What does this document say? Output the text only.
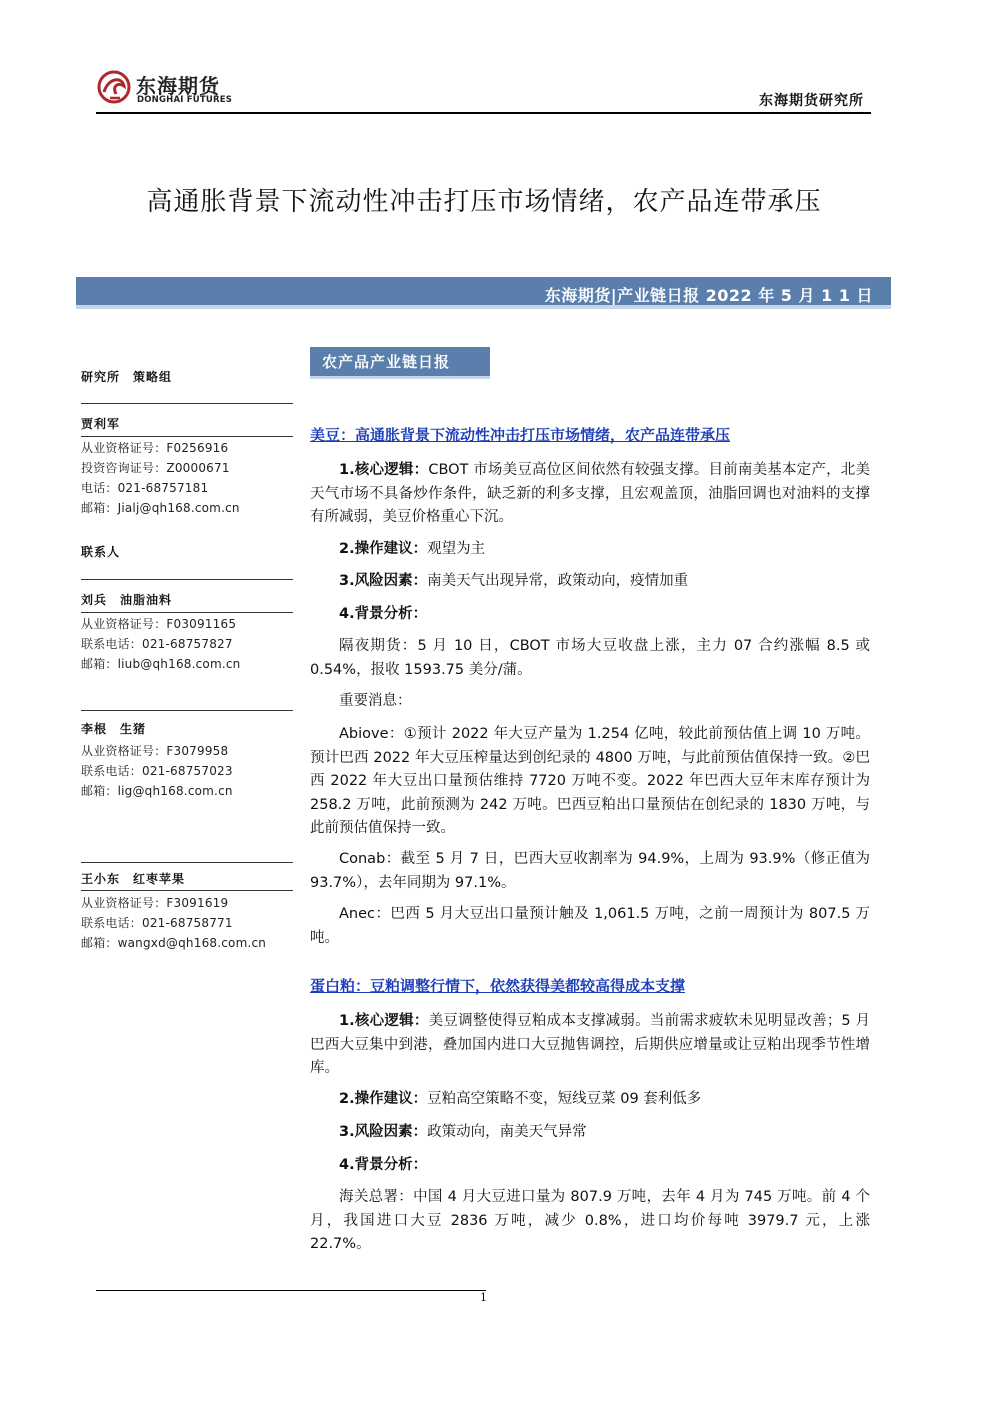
东海期货
DONGHAI FUTURES	东海期货研究所
高通胀背景下流动性冲击打压市场情绪，农产品连带承压
东海期货|产业链日报 2022 年 5 月 1 1 日
研究所　策略组
贾利军
从业资格证号：F0256916
投资咨询证号：Z0000671
电话：021-68757181
邮箱：Jialj@qh168.com.cn
联系人
刘兵　油脂油料
从业资格证号：F03091165
联系电话：021-68757827
邮箱：liub@qh168.com.cn
李根　生猪
从业资格证号：F3079958
联系电话：021-68757023
邮箱：lig@qh168.com.cn
王小东　红枣苹果
从业资格证号：F3091619
联系电话：021-68758771
邮箱：wangxd@qh168.com.cn
农产品产业链日报
美豆：高通胀背景下流动性冲击打压市场情绪，农产品连带承压
1.核心逻辑：CBOT 市场美豆高位区间依然有较强支撑。目前南美基本定产，北美天气市场不具备炒作条件，缺乏新的利多支撑，且宏观盖顶，油脂回调也对油料的支撑有所减弱，美豆价格重心下沉。
2.操作建议：观望为主
3.风险因素：南美天气出现异常，政策动向，疫情加重
4.背景分析：
隔夜期货：5 月 10 日，CBOT 市场大豆收盘上涨，主力 07 合约涨幅 8.5 或 0.54%，报收 1593.75 美分/蒲。
重要消息：
Abiove：①预计 2022 年大豆产量为 1.254 亿吨，较此前预估值上调 10 万吨。预计巴西 2022 年大豆压榨量达到创纪录的 4800 万吨，与此前预估值保持一致。②巴西 2022 年大豆出口量预估维持 7720 万吨不变。2022 年巴西大豆年末库存预计为 258.2 万吨，此前预测为 242 万吨。巴西豆粕出口量预估在创纪录的 1830 万吨，与此前预估值保持一致。
Conab：截至 5 月 7 日，巴西大豆收割率为 94.9%，上周为 93.9%（修正值为 93.7%），去年同期为 97.1%。
Anec：巴西 5 月大豆出口量预计触及 1,061.5 万吨，之前一周预计为 807.5 万吨。
蛋白粕：豆粕调整行情下，依然获得美都较高得成本支撑
1.核心逻辑：美豆调整使得豆粕成本支撑减弱。当前需求疲软未见明显改善；5 月巴西大豆集中到港，叠加国内进口大豆抛售调控，后期供应增量或让豆粕出现季节性增库。
2.操作建议：豆粕高空策略不变，短线豆菜 09 套利低多
3.风险因素：政策动向，南美天气异常
4.背景分析：
海关总署：中国 4 月大豆进口量为 807.9 万吨，去年 4 月为 745 万吨。前 4 个月，我国进口大豆 2836 万吨，减少 0.8%，进口均价每吨 3979.7 元，上涨 22.7%。
1
